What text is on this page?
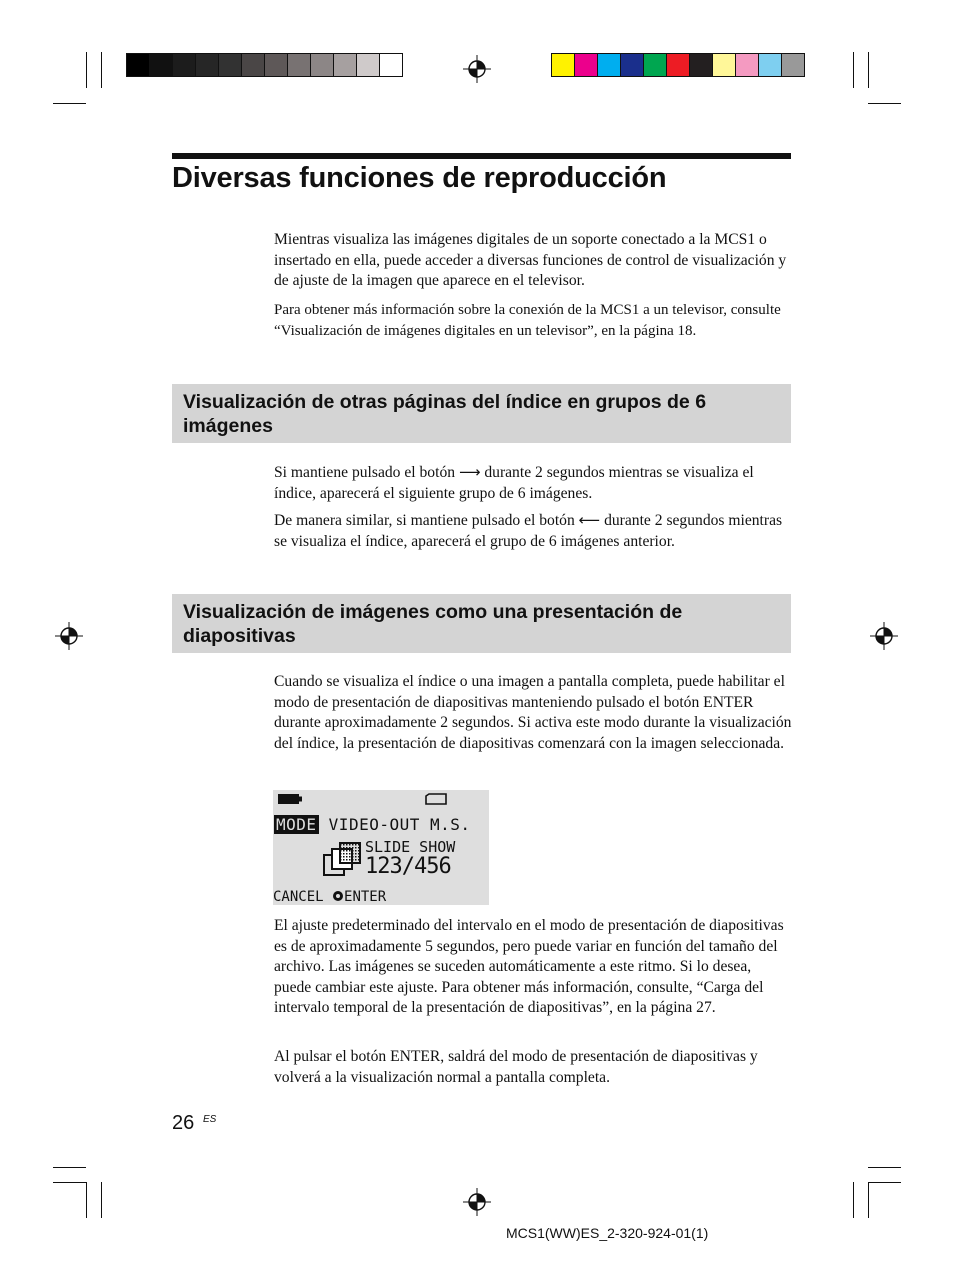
Diversas funciones de reproducción

Mientras visualiza las imágenes digitales de un soporte conectado a la MCS1 o insertado en ella, puede acceder a diversas funciones de control de visualización y de ajuste de la imagen que aparece en el televisor.

Para obtener más información sobre la conexión de la MCS1 a un televisor, consulte “Visualización de imágenes digitales en un televisor”, en la página 18.

Visualización de otras páginas del índice en grupos de 6 imágenes

Si mantiene pulsado el botón ⟶ durante 2 segundos mientras se visualiza el índice, aparecerá el siguiente grupo de 6 imágenes.

De manera similar, si mantiene pulsado el botón ⟵ durante 2 segundos mientras se visualiza el índice, aparecerá el grupo de 6 imágenes anterior.

Visualización de imágenes como una presentación de diapositivas

Cuando se visualiza el índice o una imagen a pantalla completa, puede habilitar el modo de presentación de diapositivas manteniendo pulsado el botón ENTER durante aproximadamente 2 segundos. Si activa este modo durante la visualización del índice, la presentación de diapositivas comenzará con la imagen seleccionada.

MODE VIDEO-OUT M.S.
SLIDE SHOW
123/456
CANCEL ENTER

El ajuste predeterminado del intervalo en el modo de presentación de diapositivas es de aproximadamente 5 segundos, pero puede variar en función del tamaño del archivo. Las imágenes se suceden automáticamente a este ritmo. Si lo desea, puede cambiar este ajuste. Para obtener más información, consulte, “Carga del intervalo temporal de la presentación de diapositivas”, en la página 27.

Al pulsar el botón ENTER, saldrá del modo de presentación de diapositivas y volverá a la visualización normal a pantalla completa.

26 ES
MCS1(WW)ES_2-320-924-01(1)
